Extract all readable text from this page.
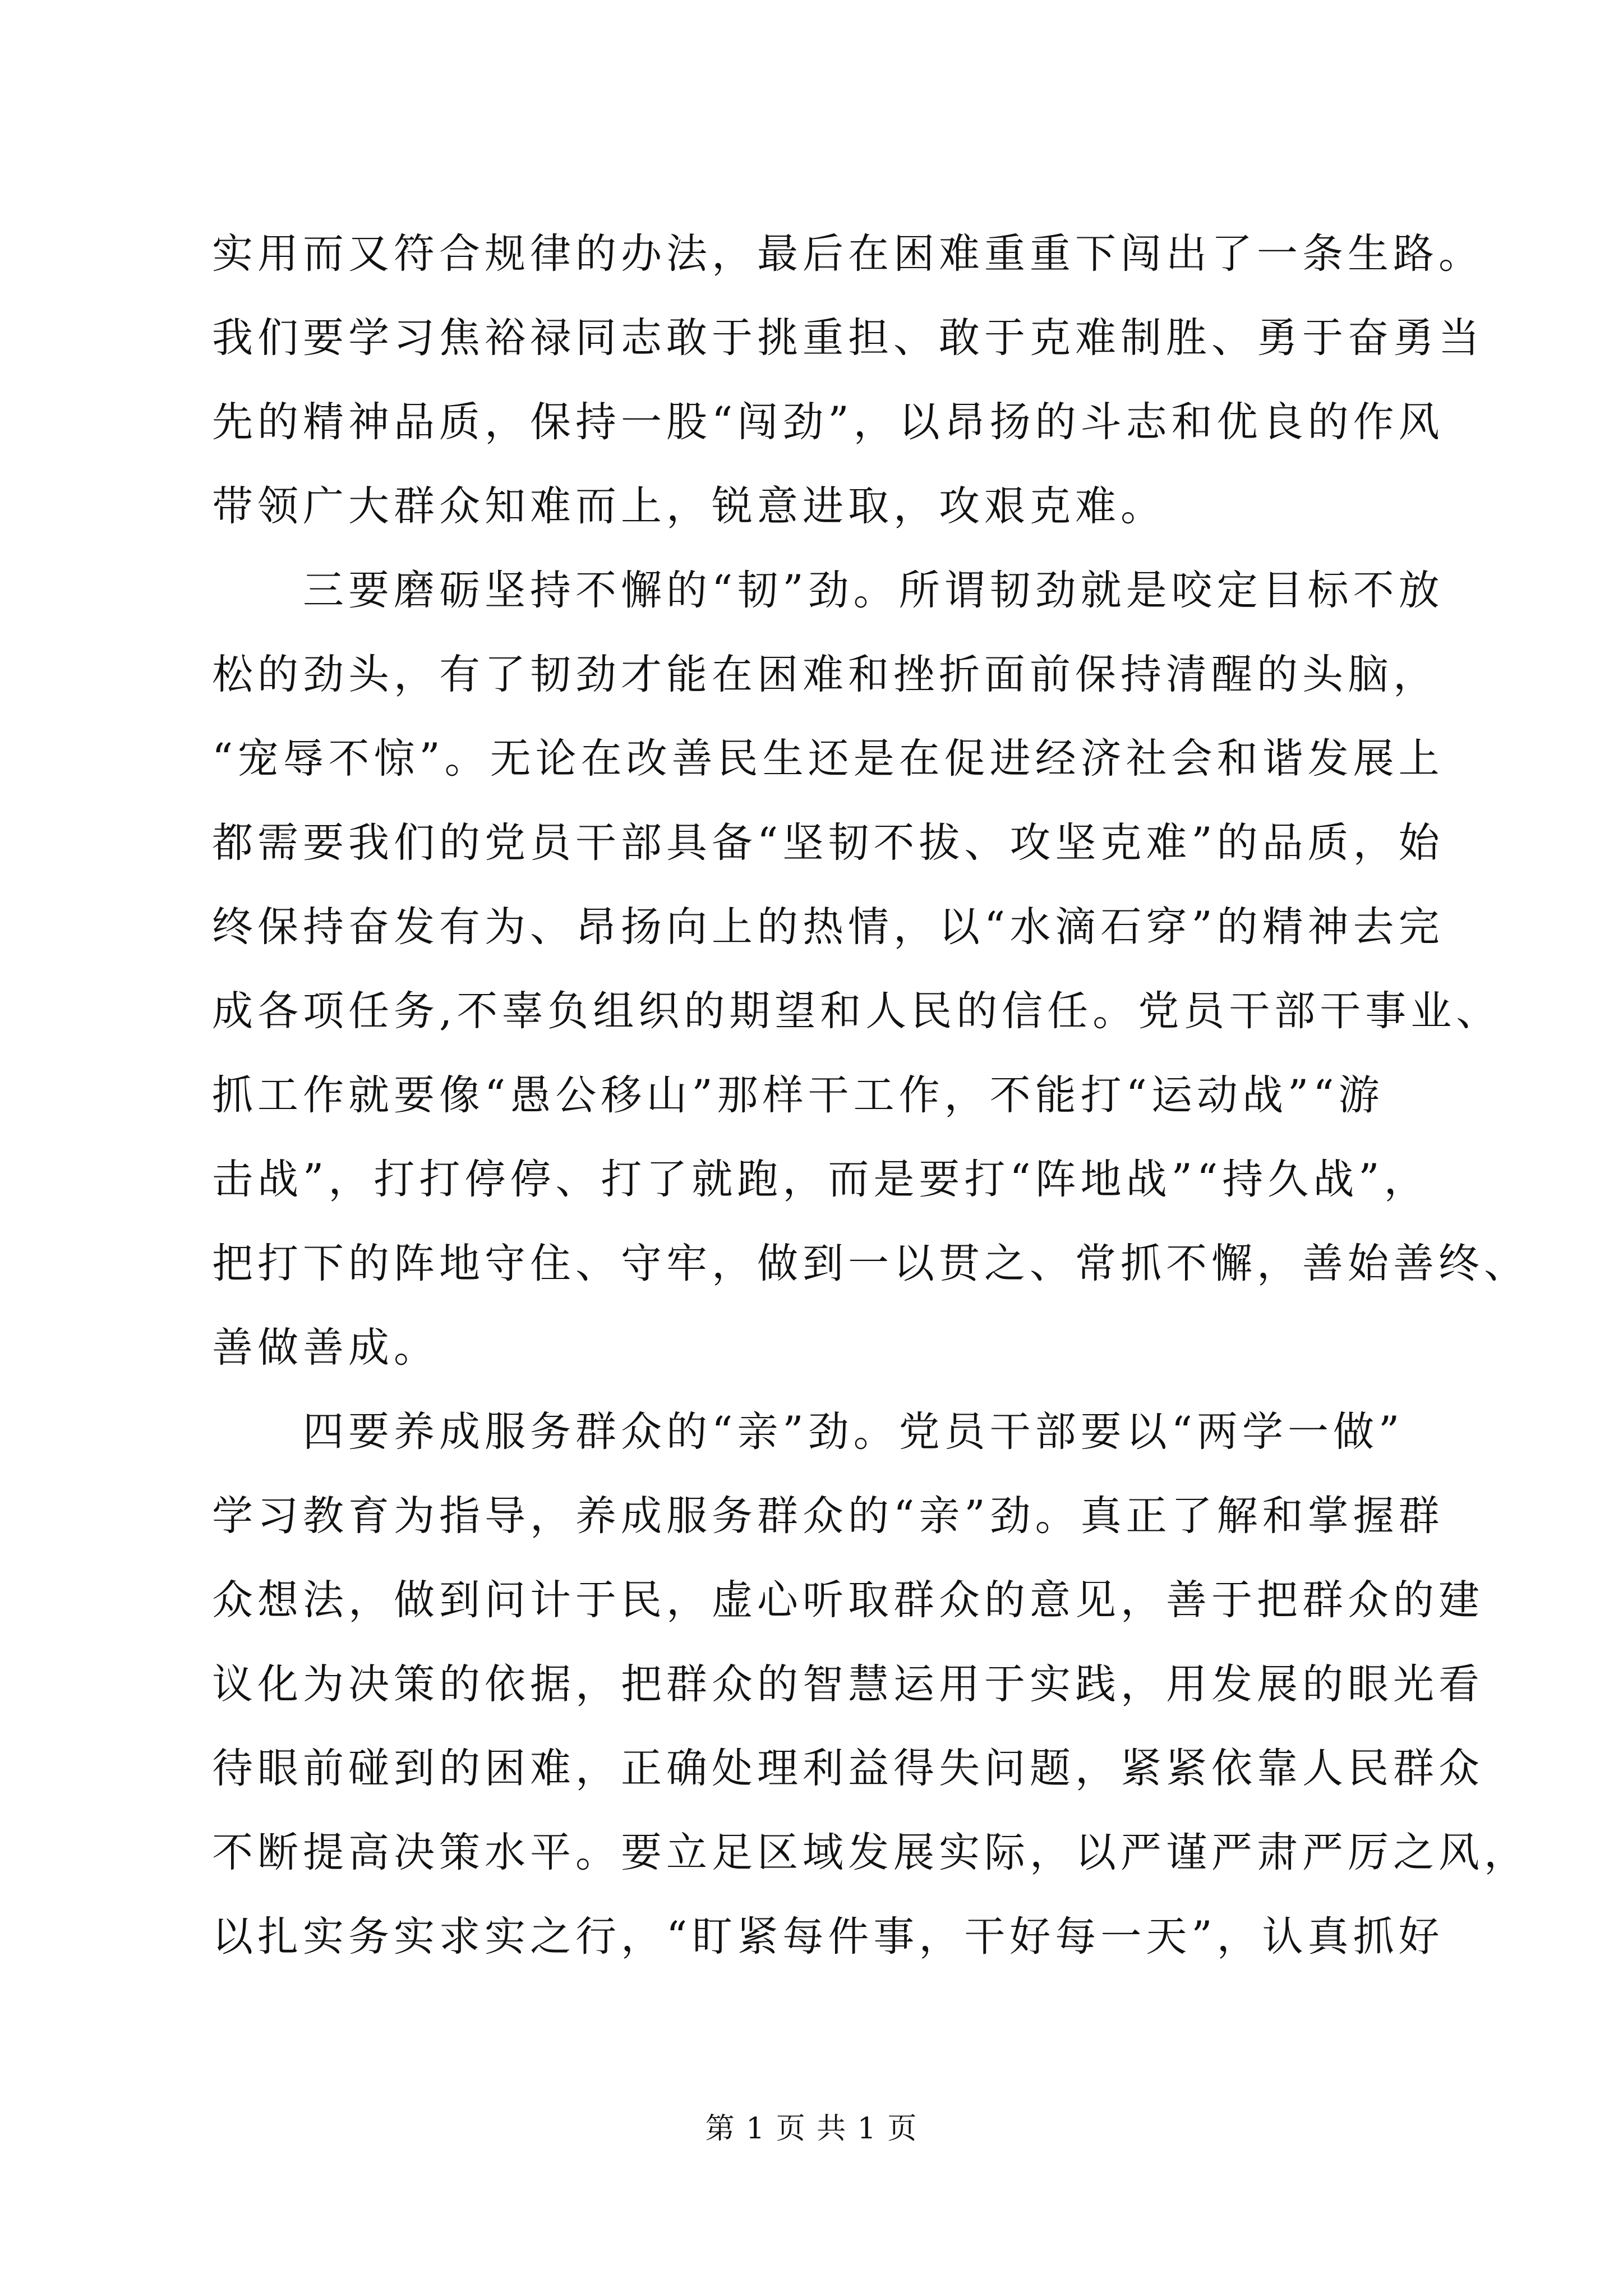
实用而又符合规律的办法，最后在困难重重下闯出了一条生路。
我们要学习焦裕禄同志敢于挑重担、敢于克难制胜、勇于奋勇当
先的精神品质，保持一股“闯劲”，以昂扬的斗志和优良的作风
带领广大群众知难而上，锐意进取，攻艰克难。
　　三要磨砺坚持不懈的“韧”劲。所谓韧劲就是咬定目标不放
松的劲头，有了韧劲才能在困难和挫折面前保持清醒的头脑，
“宠辱不惊”。无论在改善民生还是在促进经济社会和谐发展上
都需要我们的党员干部具备“坚韧不拔、攻坚克难”的品质，始
终保持奋发有为、昂扬向上的热情，以“水滴石穿”的精神去完
成各项任务,不辜负组织的期望和人民的信任。党员干部干事业、
抓工作就要像“愚公移山”那样干工作，不能打“运动战”“游
击战”，打打停停、打了就跑，而是要打“阵地战”“持久战”，
把打下的阵地守住、守牢，做到一以贯之、常抓不懈，善始善终、
善做善成。
　　四要养成服务群众的“亲”劲。党员干部要以“两学一做”
学习教育为指导，养成服务群众的“亲”劲。真正了解和掌握群
众想法，做到问计于民，虚心听取群众的意见，善于把群众的建
议化为决策的依据，把群众的智慧运用于实践，用发展的眼光看
待眼前碰到的困难，正确处理利益得失问题，紧紧依靠人民群众
不断提高决策水平。要立足区域发展实际，以严谨严肃严厉之风，
以扎实务实求实之行，“盯紧每件事，干好每一天”，认真抓好
第 1 页 共 1 页
